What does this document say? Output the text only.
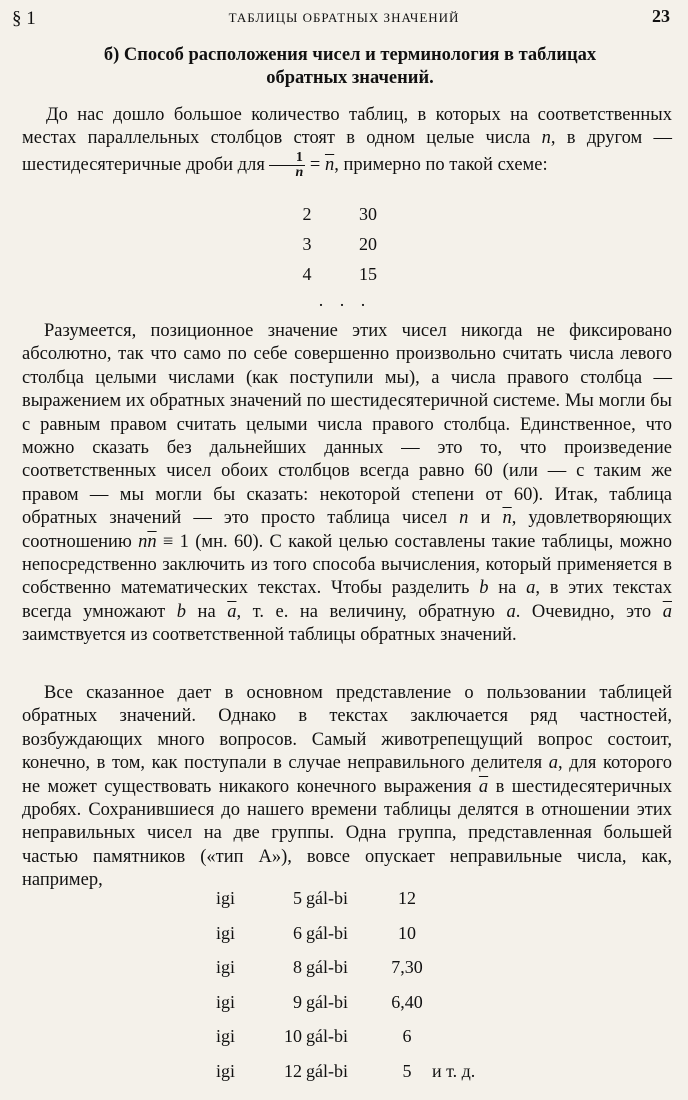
§ 1	ТАБЛИЦЫ ОБРАТНЫХ ЗНАЧЕНИЙ	23
б) Способ расположения чисел и терминология в таблицах
обратных значений.

До нас дошло большое количество таблиц, в которых на соответственных местах параллельных столбцов стоят в одном целые числа n, в другом — шестидесятеричные дроби для $\frac{1}{n} = \overline{n}$, примерно по такой схеме:

2	30
3	20
4	15
. . .

Разумеется, позиционное значение этих чисел никогда не фиксировано абсолютно, так что само по себе совершенно произвольно считать числа левого столбца целыми числами (как поступили мы), а числа правого столбца — выражением их обратных значений по шестидесятеричной системе. Мы могли бы с равным правом считать целыми числа правого столбца. Единственное, что можно сказать без дальнейших данных — это то, что произведение соответственных чисел обоих столбцов всегда равно 60 (или — с таким же правом — мы могли бы сказать: некоторой степени от 60). Итак, таблица обратных значений — это просто таблица чисел n и $\overline{n}$, удовлетворяющих соотношению $n\overline{n} \equiv 1$ (мн. 60). С какой целью составлены такие таблицы, можно непосредственно заключить из того способа вычисления, который применяется в собственно математических текстах. Чтобы разделить b на a, в этих текстах всегда умножают b на $\overline{a}$, т. е. на величину, обратную a. Очевидно, это $\overline{a}$ заимствуется из соответственной таблицы обратных значений.

Все сказанное дает в основном представление о пользовании таблицей обратных значений. Однако в текстах заключается ряд частностей, возбуждающих много вопросов. Самый животрепещущий вопрос состоит, конечно, в том, как поступали в случае неправильного делителя a, для которого не может существовать никакого конечного выражения $\overline{a}$ в шестидесятеричных дробях. Сохранившиеся до нашего времени таблицы делятся в отношении этих неправильных чисел на две группы. Одна группа, представленная большей частью памятников («тип А»), вовсе опускает неправильные числа, как, например,

igi	5 gál-bi	12
igi	6 gál-bi	10
igi	8 gál-bi	7,30
igi	9 gál-bi	6,40
igi	10 gál-bi	6
igi	12 gál-bi	5	и т. д.
